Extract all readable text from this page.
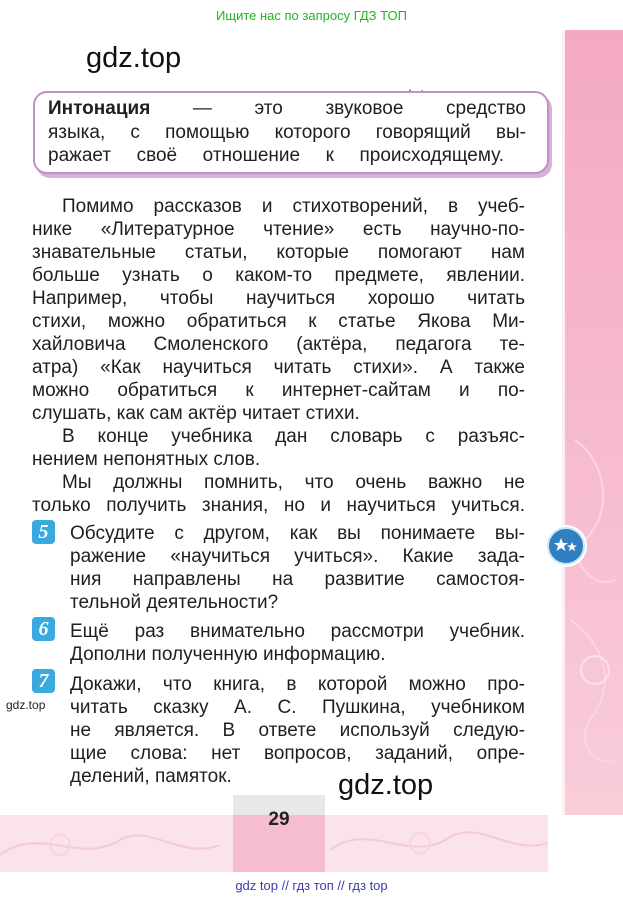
Ищите нас по запросу ГДЗ ТОП
gdz.top
Интонация — это звуковое средство
языка, с помощью которого говорящий вы-
ражает своё отношение к происходящему.
Помимо рассказов и стихотворений, в учеб-
нике «Литературное чтение» есть научно-по-
знавательные статьи, которые помогают нам
больше узнать о каком-то предмете, явлении.
Например, чтобы научиться хорошо читать
стихи, можно обратиться к статье Якова Ми-
хайловича Смоленского (актёра, педагога те-
атра) «Как научиться читать стихи». А также
можно обратиться к интернет-сайтам и по-
слушать, как сам актёр читает стихи.
В конце учебника дан словарь с разъяс-
нением непонятных слов.
Мы должны помнить, что очень важно не
только получить знания, но и научиться учиться.
5	Обсудите с другом, как вы понимаете вы-
ражение «научиться учиться». Какие зада-
ния направлены на развитие самостоя-
тельной деятельности?
6	Ещё раз внимательно рассмотри учебник.
Дополни полученную информацию.
7
gdz.top
Докажи, что книга, в которой можно про-
читать сказку А. С. Пушкина, учебником
не является. В ответе используй следую-
щие слова: нет вопросов, заданий, опре-
делений, памяток.	gdz.top
29
gdz top // гдз топ // гдз top
